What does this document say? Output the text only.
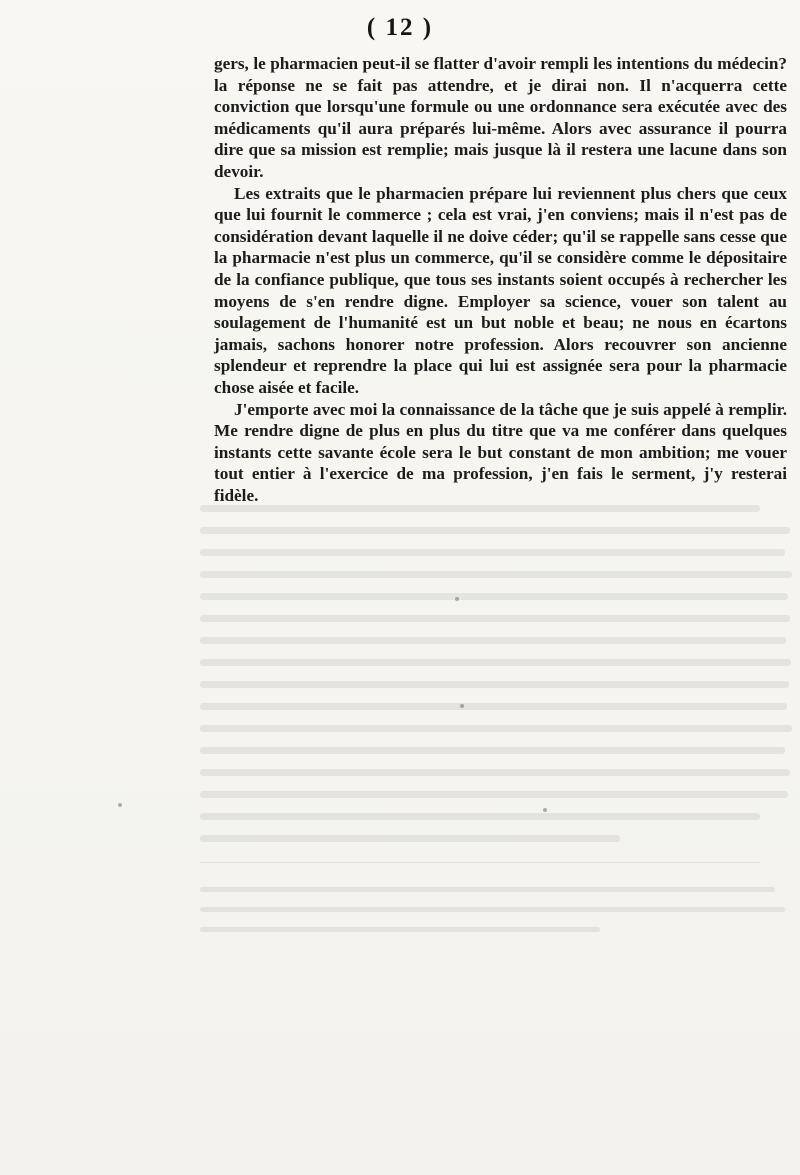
( 12 )

gers, le pharmacien peut-il se flatter d'avoir rempli les intentions du médecin? la réponse ne se fait pas attendre, et je dirai non. Il n'acquerra cette conviction que lorsqu'une formule ou une ordonnance sera exécutée avec des médicaments qu'il aura préparés lui-même. Alors avec assurance il pourra dire que sa mission est remplie; mais jusque là il restera une lacune dans son devoir.

Les extraits que le pharmacien prépare lui reviennent plus chers que ceux que lui fournit le commerce ; cela est vrai, j'en conviens; mais il n'est pas de considération devant laquelle il ne doive céder; qu'il se rappelle sans cesse que la pharmacie n'est plus un commerce, qu'il se considère comme le dépositaire de la confiance publique, que tous ses instants soient occupés à rechercher les moyens de s'en rendre digne. Employer sa science, vouer son talent au soulagement de l'humanité est un but noble et beau; ne nous en écartons jamais, sachons honorer notre profession. Alors recouvrer son ancienne splendeur et reprendre la place qui lui est assignée sera pour la pharmacie chose aisée et facile.

J'emporte avec moi la connaissance de la tâche que je suis appelé à remplir. Me rendre digne de plus en plus du titre que va me conférer dans quelques instants cette savante école sera le but constant de mon ambition; me vouer tout entier à l'exercice de ma profession, j'en fais le serment, j'y resterai fidèle.
